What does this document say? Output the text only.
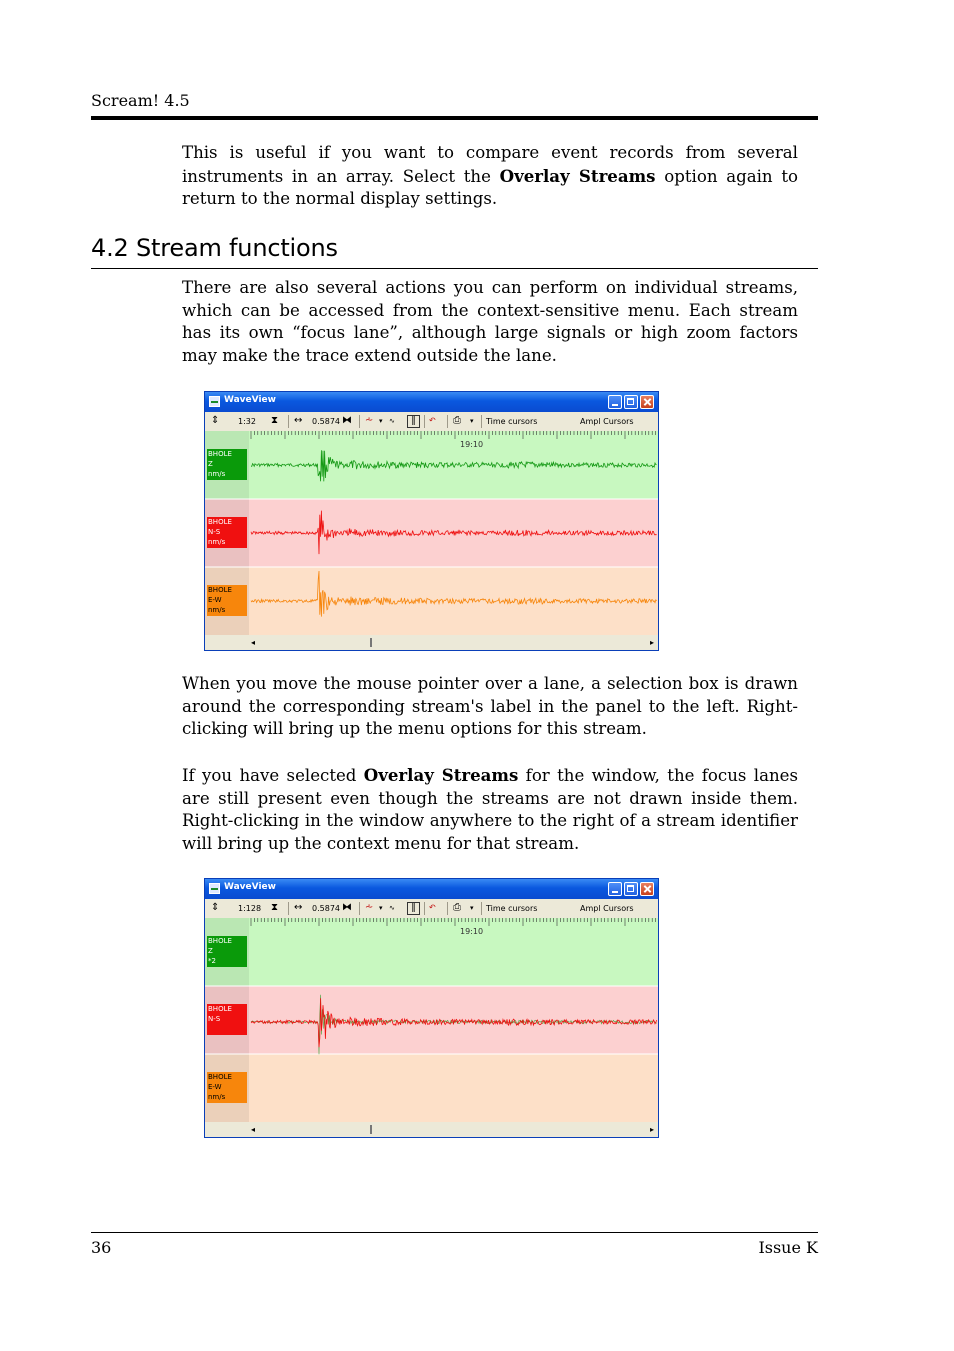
Scream! 4.5
This is useful if you want to compare event records from several instruments in an array. Select the Overlay Streams option again to return to the normal display settings.
4.2 Stream functions
There are also several actions you can perform on individual streams, which can be accessed from the context-sensitive menu. Each stream has its own “focus lane”, although large signals or high zoom factors may make the trace extend outside the lane.
WaveView
⇕ 1:32 ⧗ ↔ 0.5874 ⧓ ⩪ ▾ ∿	‖	↶ ⎙ ▾ Time cursors	Ampl Cursors
BHOLE
Z
nm/s
BHOLE
N-S
nm/s
BHOLE
E-W
nm/s
19:10
◂	▸
When you move the mouse pointer over a lane, a selection box is drawn around the corresponding stream's label in the panel to the left. Right-clicking will bring up the menu options for this stream.
If you have selected Overlay Streams for the window, the focus lanes are still present even though the streams are not drawn inside them. Right-clicking in the window anywhere to the right of a stream identifier will bring up the context menu for that stream.
WaveView
⇕ 1:128 ⧗ ↔ 0.5874 ⧓ ⩪ ▾ ∿	‖	↶ ⎙ ▾ Time cursors	Ampl Cursors
BHOLE
Z
*2
BHOLE
N-S

BHOLE
E-W
nm/s
19:10
◂	▸
36	Issue K
